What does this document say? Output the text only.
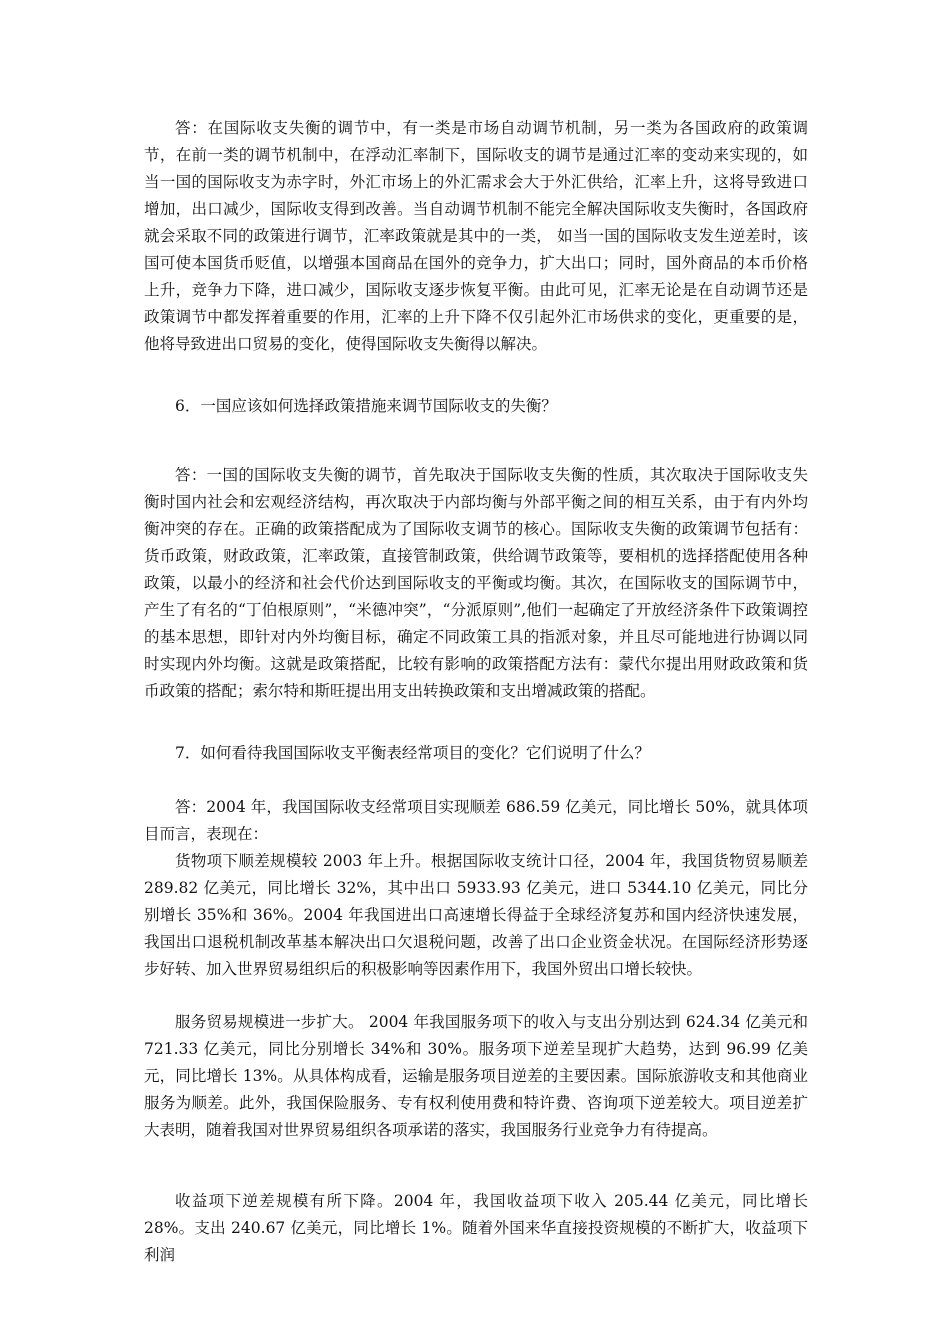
答：在国际收支失衡的调节中，有一类是市场自动调节机制，另一类为各国政府的政策调节，在前一类的调节机制中，在浮动汇率制下，国际收支的调节是通过汇率的变动来实现的，如当一国的国际收支为赤字时，外汇市场上的外汇需求会大于外汇供给，汇率上升，这将导致进口增加，出口减少，国际收支得到改善。当自动调节机制不能完全解决国际收支失衡时，各国政府就会采取不同的政策进行调节，汇率政策就是其中的一类， 如当一国的国际收支发生逆差时，该国可使本国货币贬值，以增强本国商品在国外的竞争力，扩大出口；同时，国外商品的本币价格上升，竞争力下降，进口减少，国际收支逐步恢复平衡。由此可见，汇率无论是在自动调节还是政策调节中都发挥着重要的作用，汇率的上升下降不仅引起外汇市场供求的变化，更重要的是，他将导致进出口贸易的变化，使得国际收支失衡得以解决。

6．一国应该如何选择政策措施来调节国际收支的失衡？

答：一国的国际收支失衡的调节，首先取决于国际收支失衡的性质，其次取决于国际收支失衡时国内社会和宏观经济结构，再次取决于内部均衡与外部平衡之间的相互关系，由于有内外均衡冲突的存在。正确的政策搭配成为了国际收支调节的核心。国际收支失衡的政策调节包括有：货币政策，财政政策，汇率政策，直接管制政策，供给调节政策等，要相机的选择搭配使用各种政策，以最小的经济和社会代价达到国际收支的平衡或均衡。其次，在国际收支的国际调节中，产生了有名的“丁伯根原则”，“米德冲突”，“分派原则”,他们一起确定了开放经济条件下政策调控的基本思想，即针对内外均衡目标，确定不同政策工具的指派对象，并且尽可能地进行协调以同时实现内外均衡。这就是政策搭配，比较有影响的政策搭配方法有：蒙代尔提出用财政政策和货币政策的搭配；索尔特和斯旺提出用支出转换政策和支出增减政策的搭配。

7．如何看待我国国际收支平衡表经常项目的变化？它们说明了什么？

答：2004 年，我国国际收支经常项目实现顺差 686.59 亿美元，同比增长 50%，就具体项目而言，表现在：

货物项下顺差规模较 2003 年上升。根据国际收支统计口径，2004 年，我国货物贸易顺差 289.82 亿美元，同比增长 32%，其中出口 5933.93 亿美元，进口 5344.10 亿美元，同比分别增长 35%和 36%。2004 年我国进出口高速增长得益于全球经济复苏和国内经济快速发展，我国出口退税机制改革基本解决出口欠退税问题，改善了出口企业资金状况。在国际经济形势逐步好转、加入世界贸易组织后的积极影响等因素作用下，我国外贸出口增长较快。

服务贸易规模进一步扩大。 2004 年我国服务项下的收入与支出分别达到 624.34 亿美元和 721.33 亿美元，同比分别增长 34%和 30%。服务项下逆差呈现扩大趋势，达到 96.99 亿美元，同比增长 13%。从具体构成看，运输是服务项目逆差的主要因素。国际旅游收支和其他商业服务为顺差。此外，我国保险服务、专有权利使用费和特许费、咨询项下逆差较大。项目逆差扩大表明，随着我国对世界贸易组织各项承诺的落实，我国服务行业竞争力有待提高。

收益项下逆差规模有所下降。2004 年，我国收益项下收入 205.44 亿美元，同比增长 28%。支出 240.67 亿美元，同比增长 1%。随着外国来华直接投资规模的不断扩大，收益项下利润
